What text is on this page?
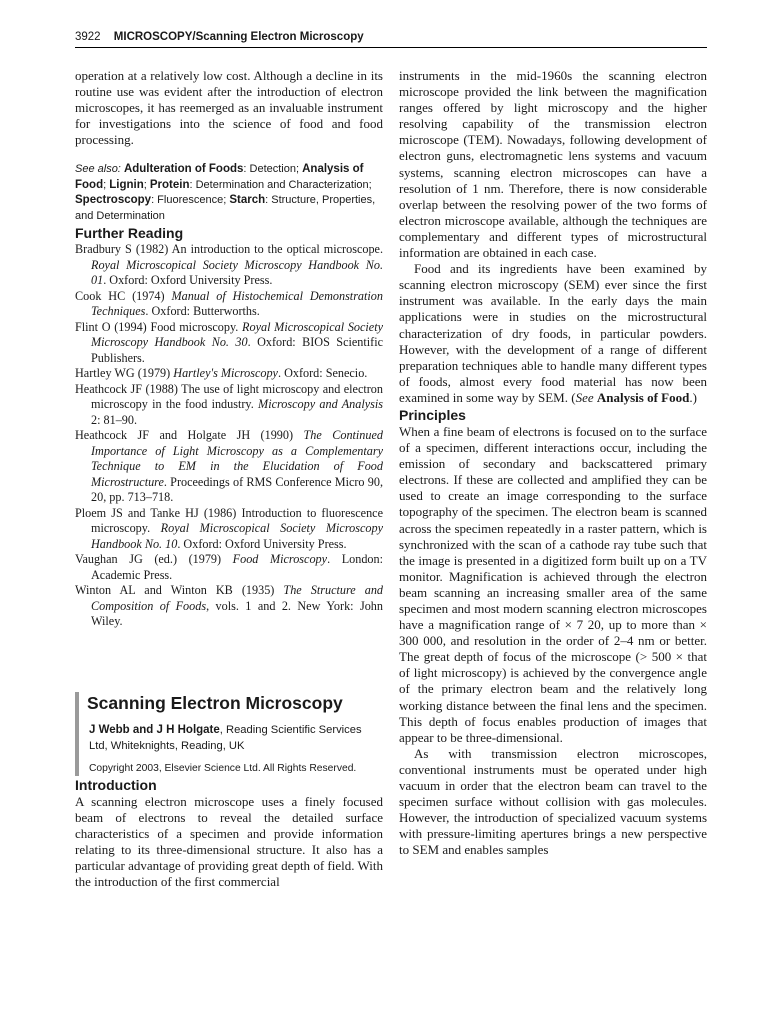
3922 MICROSCOPY/Scanning Electron Microscopy

operation at a relatively low cost. Although a decline in its routine use was evident after the introduction of electron microscopes, it has reemerged as an invaluable instrument for investigations into the science of food and food processing.

See also: Adulteration of Foods: Detection; Analysis of Food; Lignin; Protein: Determination and Characterization; Spectroscopy: Fluorescence; Starch: Structure, Properties, and Determination

Further Reading
Bradbury S (1982) An introduction to the optical microscope. Royal Microscopical Society Microscopy Handbook No. 01. Oxford: Oxford University Press.
Cook HC (1974) Manual of Histochemical Demonstration Techniques. Oxford: Butterworths.
Flint O (1994) Food microscopy. Royal Microscopical Society Microscopy Handbook No. 30. Oxford: BIOS Scientific Publishers.
Hartley WG (1979) Hartley's Microscopy. Oxford: Senecio.
Heathcock JF (1988) The use of light microscopy and electron microscopy in the food industry. Microscopy and Analysis 2: 81–90.
Heathcock JF and Holgate JH (1990) The Continued Importance of Light Microscopy as a Complementary Technique to EM in the Elucidation of Food Microstructure. Proceedings of RMS Conference Micro 90, 20, pp. 713–718.
Ploem JS and Tanke HJ (1986) Introduction to fluorescence microscopy. Royal Microscopical Society Microscopy Handbook No. 10. Oxford: Oxford University Press.
Vaughan JG (ed.) (1979) Food Microscopy. London: Academic Press.
Winton AL and Winton KB (1935) The Structure and Composition of Foods, vols. 1 and 2. New York: John Wiley.
Scanning Electron Microscopy
J Webb and J H Holgate, Reading Scientific Services Ltd, Whiteknights, Reading, UK
Copyright 2003, Elsevier Science Ltd. All Rights Reserved.
Introduction

A scanning electron microscope uses a finely focused beam of electrons to reveal the detailed surface characteristics of a specimen and provide information relating to its three-dimensional structure. It also has a particular advantage of providing great depth of field. With the introduction of the first commercial

instruments in the mid-1960s the scanning electron microscope provided the link between the magnification ranges offered by light microscopy and the higher resolving capability of the transmission electron microscope (TEM). Nowadays, following development of electron guns, electromagnetic lens systems and vacuum systems, scanning electron microscopes can have a resolution of 1 nm. Therefore, there is now considerable overlap between the resolving power of the two forms of electron microscope available, although the techniques are complementary and different types of microstructural information are obtained in each case.

Food and its ingredients have been examined by scanning electron microscopy (SEM) ever since the first instrument was available. In the early days the main applications were in studies on the microstructural characterization of dry foods, in particular powders. However, with the development of a range of different preparation techniques able to handle many different types of foods, almost every food material has now been examined in some way by SEM. (See Analysis of Food.)

Principles

When a fine beam of electrons is focused on to the surface of a specimen, different interactions occur, including the emission of secondary and backscattered primary electrons. If these are collected and amplified they can be used to create an image corresponding to the surface topography of the specimen. The electron beam is scanned across the specimen repeatedly in a raster pattern, which is synchronized with the scan of a cathode ray tube such that the image is presented in a digitized form built up on a TV monitor. Magnification is achieved through the electron beam scanning an increasing smaller area of the same specimen and most modern scanning electron microscopes have a magnification range of × 7 20, up to more than × 300 000, and resolution in the order of 2–4 nm or better. The great depth of focus of the microscope (> 500 × that of light microscopy) is achieved by the convergence angle of the primary electron beam and the relatively long working distance between the final lens and the specimen. This depth of focus enables production of images that appear to be three-dimensional.

As with transmission electron microscopes, conventional instruments must be operated under high vacuum in order that the electron beam can travel to the specimen surface without collision with gas molecules. However, the introduction of specialized vacuum systems with pressure-limiting apertures brings a new perspective to SEM and enables samples
